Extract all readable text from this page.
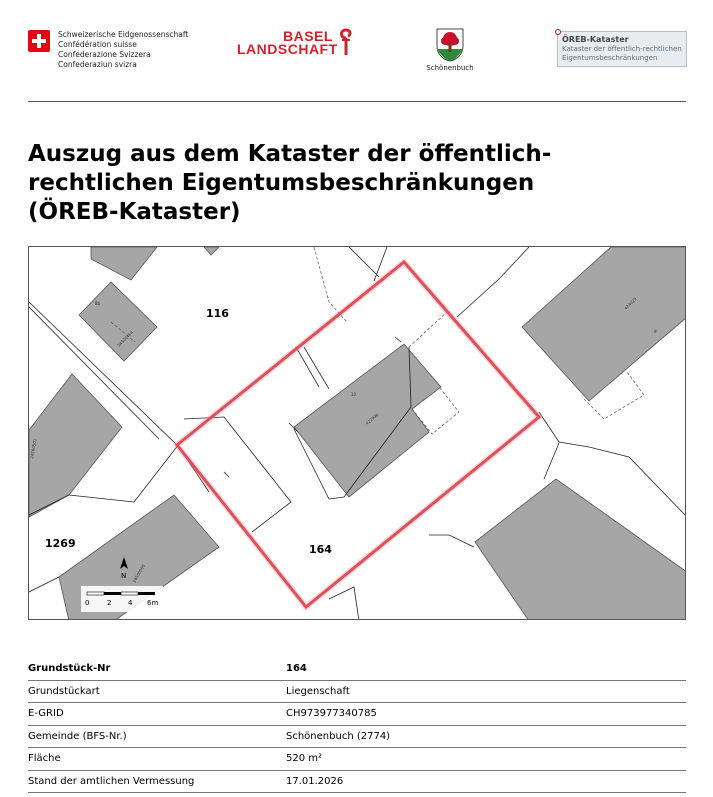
Schweizerische Eidgenossenschaft
Confédération suisse
Confederazione Svizzera
Confederaziun svizra
BASEL
LANDSCHAFT
Schönenbuch
ÖREB-Kataster
Kataster der öffentlich-rechtlichen
Eigentumsbeschränkungen
Auszug aus dem Kataster der öffentlich-
rechtlichen Eigentumsbeschränkungen
(ÖREB-Kataster)
116
164
1269
8b
24500464
424023
9
10
422996
24500501
24500500
N
0	2 4 6m
Grundstück-Nr	164
Grundstückart	Liegenschaft
E-GRID	CH973977340785
Gemeinde (BFS-Nr.)	Schönenbuch (2774)
Fläche	520 m²
Stand der amtlichen Vermessung	17.01.2026
